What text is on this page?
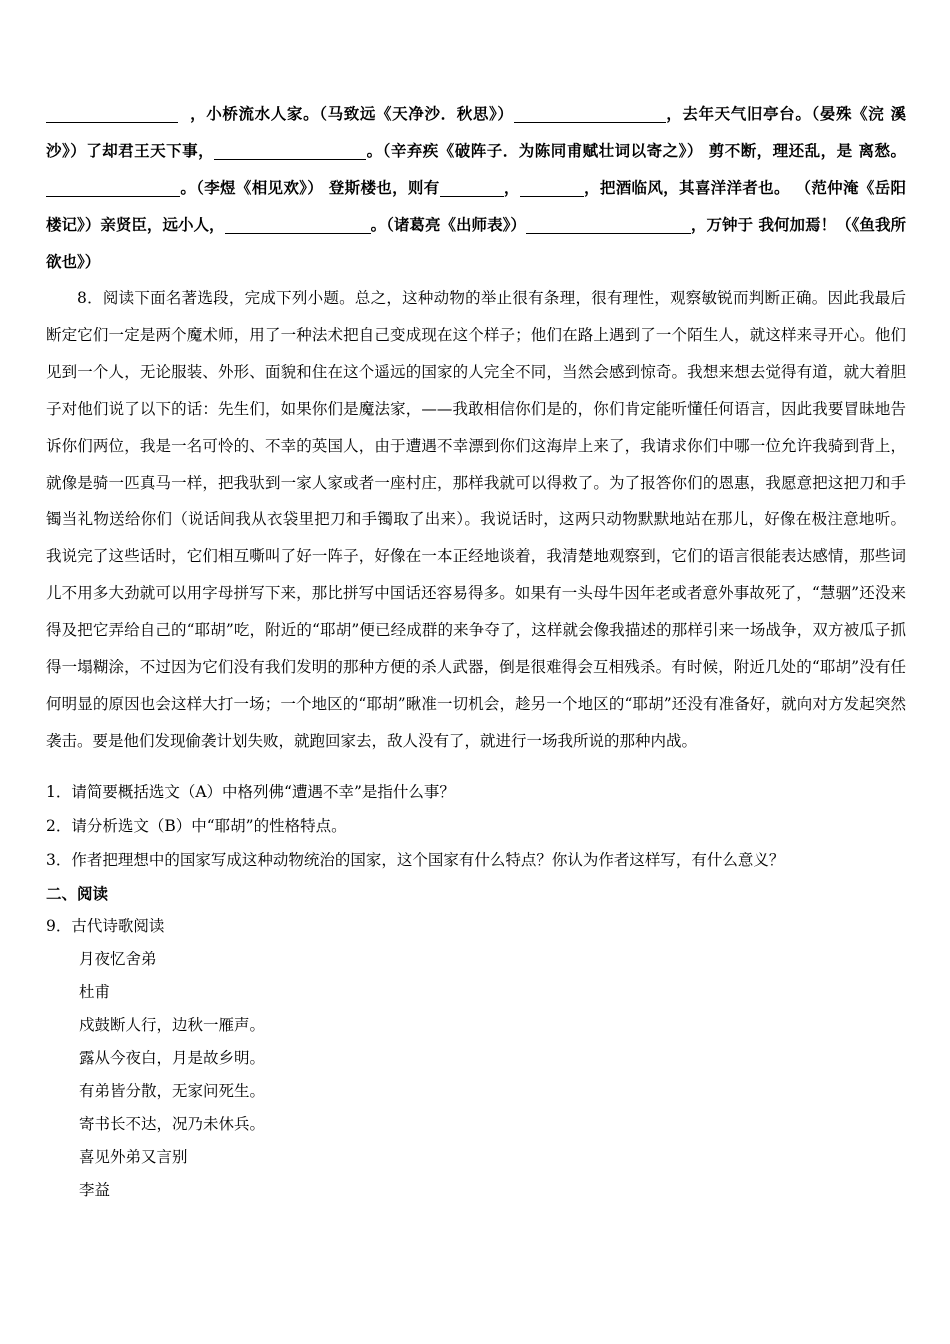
，小桥流水人家。（马致远《天净沙．秋思》）	，去年天气旧亭台。（晏殊《浣 溪沙》）了却君王天下事，	。（辛弃疾《破阵子．为陈同甫赋壮词以寄之》） 剪不断，理还乱，是 离愁。。（李煜《相见欢》） 登斯楼也，则有	，	，把酒临风，其喜洋洋者也。 （范仲淹《岳阳楼记》）亲贤臣，远小人，	。（诸葛亮《出师表》）	，万钟于 我何加焉！（《鱼我所欲也》）

8．阅读下面名著选段，完成下列小题。总之，这种动物的举止很有条理，很有理性，观察敏锐而判断正确。因此我最后断定它们一定是两个魔术师，用了一种法术把自己变成现在这个样子；他们在路上遇到了一个陌生人，就这样来寻开心。他们见到一个人，无论服装、外形、面貌和住在这个遥远的国家的人完全不同，当然会感到惊奇。我想来想去觉得有道，就大着胆子对他们说了以下的话：先生们，如果你们是魔法家，——我敢相信你们是的，你们肯定能听懂任何语言，因此我要冒昧地告诉你们两位，我是一名可怜的、不幸的英国人，由于遭遇不幸漂到你们这海岸上来了，我请求你们中哪一位允许我骑到背上，就像是骑一匹真马一样，把我驮到一家人家或者一座村庄，那样我就可以得救了。为了报答你们的恩惠，我愿意把这把刀和手镯当礼物送给你们（说话间我从衣袋里把刀和手镯取了出来）。我说话时，这两只动物默默地站在那儿，好像在极注意地听。我说完了这些话时，它们相互嘶叫了好一阵子，好像在一本正经地谈着，我清楚地观察到，它们的语言很能表达感情，那些词儿不用多大劲就可以用字母拼写下来，那比拼写中国话还容易得多。如果有一头母牛因年老或者意外事故死了，“慧骃”还没来得及把它弄给自己的“耶胡”吃，附近的“耶胡”便已经成群的来争夺了，这样就会像我描述的那样引来一场战争，双方被瓜子抓得一塌糊涂，不过因为它们没有我们发明的那种方便的杀人武器，倒是很难得会互相残杀。有时候，附近几处的“耶胡”没有任何明显的原因也会这样大打一场；一个地区的“耶胡”瞅准一切机会，趁另一个地区的“耶胡”还没有准备好，就向对方发起突然袭击。要是他们发现偷袭计划失败，就跑回家去，敌人没有了，就进行一场我所说的那种内战。

1．请简要概括选文（A）中格列佛“遭遇不幸”是指什么事？

2．请分析选文（B）中“耶胡”的性格特点。

3．作者把理想中的国家写成这种动物统治的国家，这个国家有什么特点？你认为作者这样写，有什么意义？

二、阅读
9．古代诗歌阅读
月夜忆舍弟
杜甫
戍鼓断人行，边秋一雁声。
露从今夜白，月是故乡明。
有弟皆分散，无家问死生。
寄书长不达，况乃未休兵。
喜见外弟又言别
李益
